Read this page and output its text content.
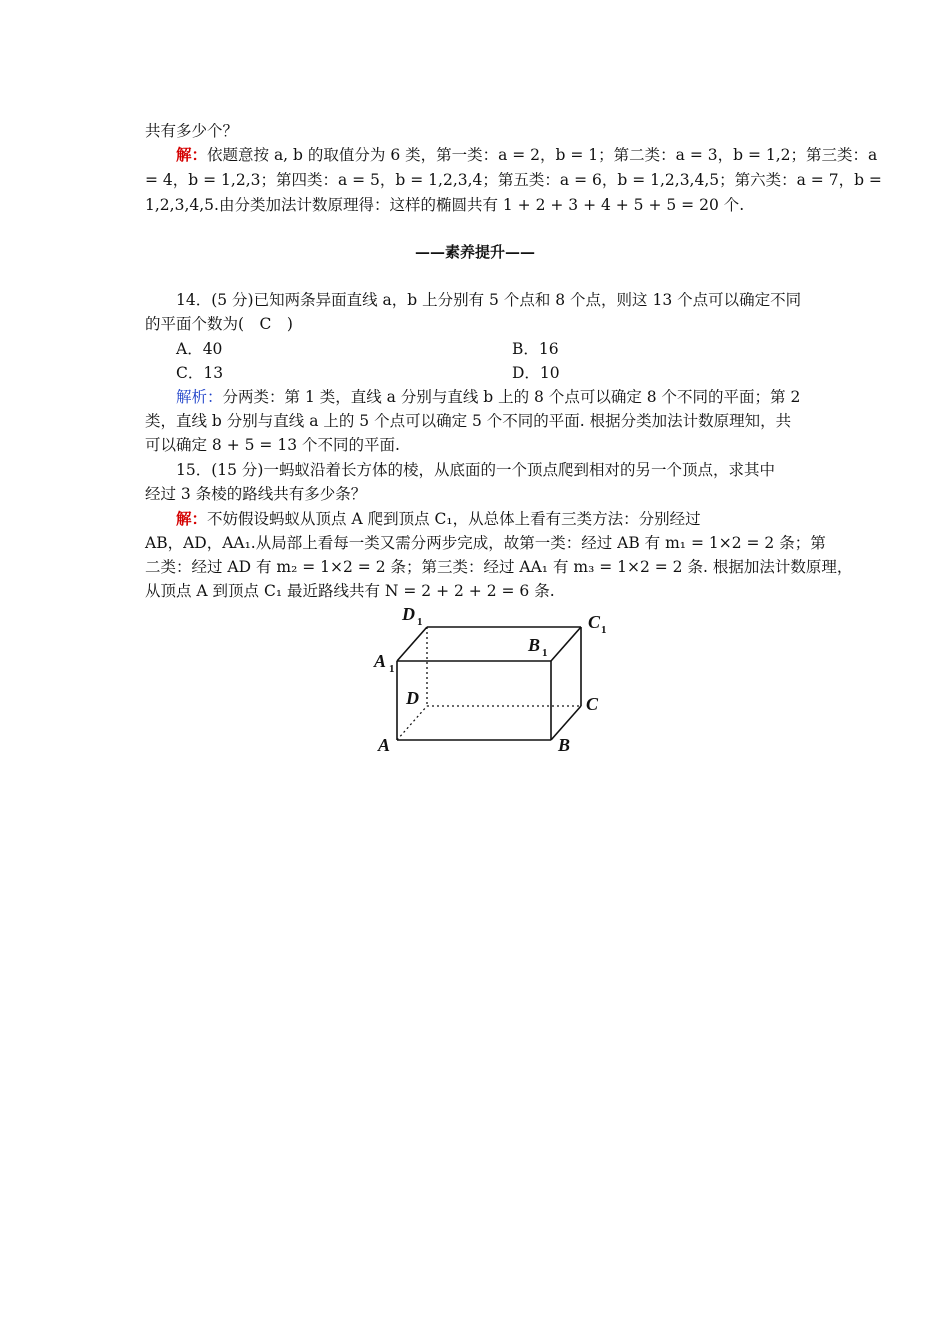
共有多少个？
解：依题意按 a, b 的取值分为 6 类，第一类：a = 2，b = 1；第二类：a = 3，b = 1,2；第三类：a
= 4，b = 1,2,3；第四类：a = 5，b = 1,2,3,4；第五类：a = 6，b = 1,2,3,4,5；第六类：a = 7，b =
1,2,3,4,5.由分类加法计数原理得：这样的椭圆共有 1 + 2 + 3 + 4 + 5 + 5 = 20 个.
——素养提升——
14．(5 分)已知两条异面直线 a，b 上分别有 5 个点和 8 个点，则这 13 个点可以确定不同
的平面个数为(　C　)
A．40	B．16
C．13	D．10
解析：分两类：第 1 类，直线 a 分别与直线 b 上的 8 个点可以确定 8 个不同的平面；第 2
类，直线 b 分别与直线 a 上的 5 个点可以确定 5 个不同的平面. 根据分类加法计数原理知，共
可以确定 8 + 5 = 13 个不同的平面.
15．(15 分)一蚂蚁沿着长方体的棱，从底面的一个顶点爬到相对的另一个顶点，求其中
经过 3 条棱的路线共有多少条？
解：不妨假设蚂蚁从顶点 A 爬到顶点 C₁，从总体上看有三类方法：分别经过
AB，AD，AA₁.从局部上看每一类又需分两步完成，故第一类：经过 AB 有 m₁ = 1×2 = 2 条；第
二类：经过 AD 有 m₂ = 1×2 = 2 条；第三类：经过 AA₁ 有 m₃ = 1×2 = 2 条. 根据加法计数原理，
从顶点 A 到顶点 C₁ 最近路线共有 N = 2 + 2 + 2 = 6 条.
A	B
C
D
A
B
C
D
1
1
1
1
